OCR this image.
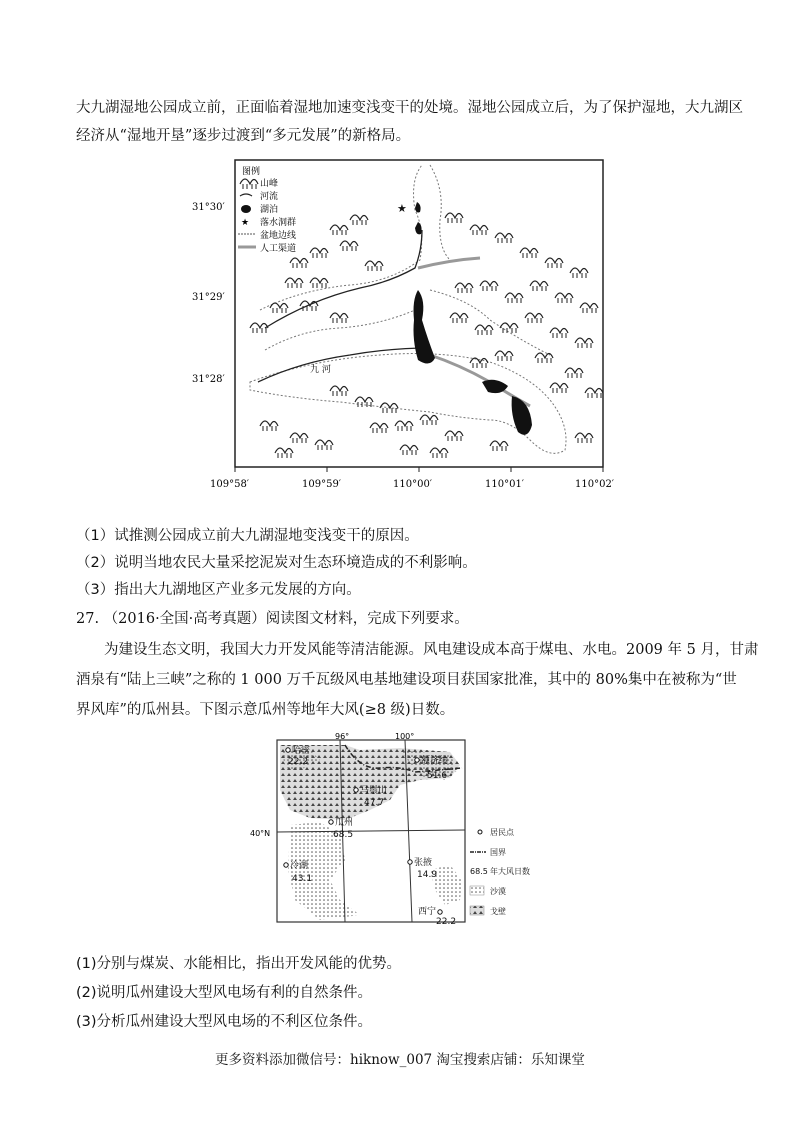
大九湖湿地公园成立前，正面临着湿地加速变浅变干的处境。湿地公园成立后，为了保护湿地，大九湖区
经济从“湿地开垦”逐步过渡到“多元发展”的新格局。
★
图例
山峰
河流
湖泊
★ 落水洞群
盆地边线
人工渠道
九 河
31°30′
31°29′
31°28′
109°58′	109°59′	110°00′	110°01′	110°02′
（1）试推测公园成立前大九湖湿地变浅变干的原因。
（2）说明当地农民大量采挖泥炭对生态环境造成的不利影响。
（3）指出大九湖地区产业多元发展的方向。
27. （2016·全国·高考真题）阅读图文材料，完成下列要求。
为建设生态文明，我国大力开发风能等清洁能源。风电建设成本高于煤电、水电。2009 年 5 月，甘肃
酒泉有“陆上三峡”之称的 1 000 万千瓦级风电基地建设项目获国家批准，其中的 80%集中在被称为“世
界风库”的瓜州县。下图示意瓜州等地年大风(≥8 级)日数。
96°	100°
40°N
哈密
22.2	额济纳
51.6
马鬃山
47.7
瓜州
68.5
冷湖
43.1
张掖
14.9
西宁
22.2
居民点
国界
68.5 年大风日数
沙漠
戈壁
(1)分别与煤炭、水能相比，指出开发风能的优势。
(2)说明瓜州建设大型风电场有利的自然条件。
(3)分析瓜州建设大型风电场的不利区位条件。
更多资料添加微信号：hiknow_007 淘宝搜索店铺：乐知课堂
